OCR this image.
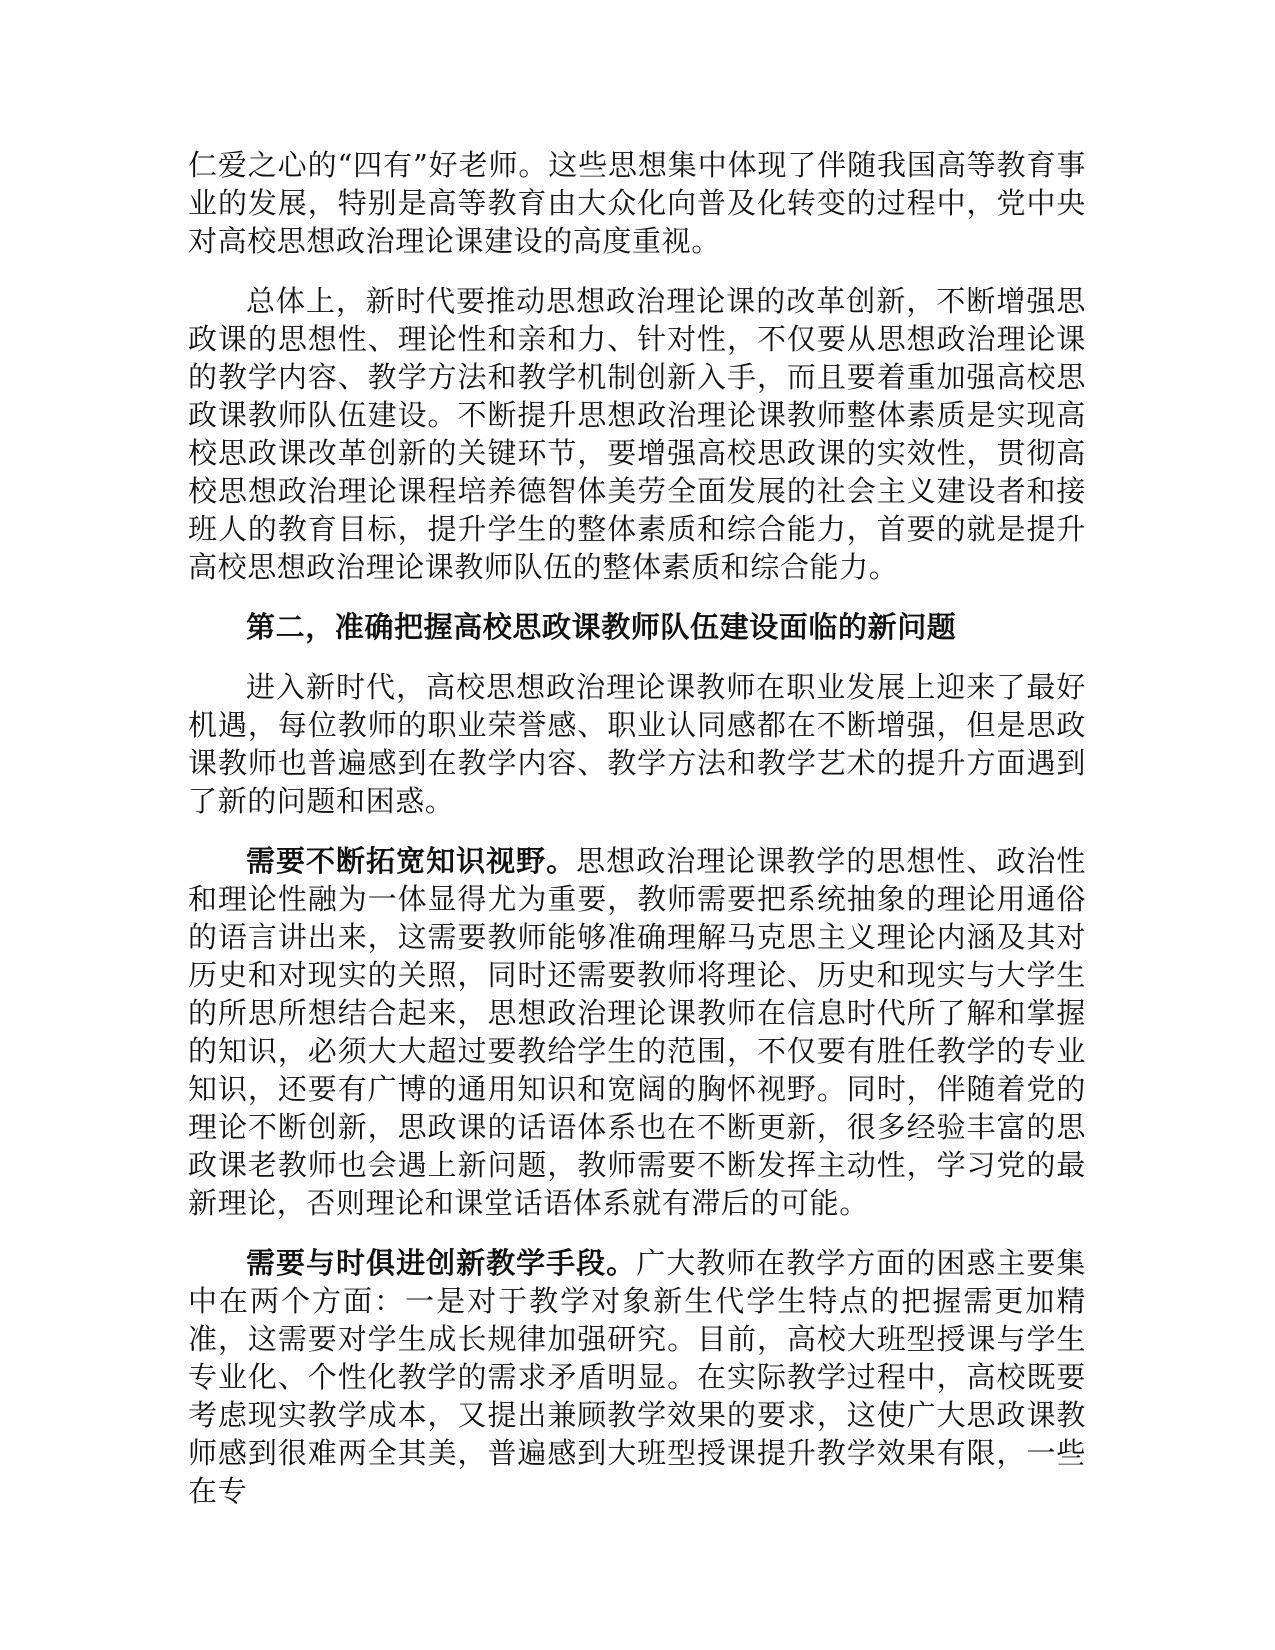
仁爱之心的“四有”好老师。这些思想集中体现了伴随我国高等教育事业的发展，特别是高等教育由大众化向普及化转变的过程中，党中央对高校思想政治理论课建设的高度重视。

总体上，新时代要推动思想政治理论课的改革创新，不断增强思政课的思想性、理论性和亲和力、针对性，不仅要从思想政治理论课的教学内容、教学方法和教学机制创新入手，而且要着重加强高校思政课教师队伍建设。不断提升思想政治理论课教师整体素质是实现高校思政课改革创新的关键环节，要增强高校思政课的实效性，贯彻高校思想政治理论课程培养德智体美劳全面发展的社会主义建设者和接班人的教育目标，提升学生的整体素质和综合能力，首要的就是提升高校思想政治理论课教师队伍的整体素质和综合能力。

第二，准确把握高校思政课教师队伍建设面临的新问题

进入新时代，高校思想政治理论课教师在职业发展上迎来了最好机遇，每位教师的职业荣誉感、职业认同感都在不断增强，但是思政课教师也普遍感到在教学内容、教学方法和教学艺术的提升方面遇到了新的问题和困惑。

需要不断拓宽知识视野。思想政治理论课教学的思想性、政治性和理论性融为一体显得尤为重要，教师需要把系统抽象的理论用通俗的语言讲出来，这需要教师能够准确理解马克思主义理论内涵及其对历史和对现实的关照，同时还需要教师将理论、历史和现实与大学生的所思所想结合起来，思想政治理论课教师在信息时代所了解和掌握的知识，必须大大超过要教给学生的范围，不仅要有胜任教学的专业知识，还要有广博的通用知识和宽阔的胸怀视野。同时，伴随着党的理论不断创新，思政课的话语体系也在不断更新，很多经验丰富的思政课老教师也会遇上新问题，教师需要不断发挥主动性，学习党的最新理论，否则理论和课堂话语体系就有滞后的可能。

需要与时俱进创新教学手段。广大教师在教学方面的困惑主要集中在两个方面：一是对于教学对象新生代学生特点的把握需更加精准，这需要对学生成长规律加强研究。目前，高校大班型授课与学生专业化、个性化教学的需求矛盾明显。在实际教学过程中，高校既要考虑现实教学成本，又提出兼顾教学效果的要求，这使广大思政课教师感到很难两全其美，普遍感到大班型授课提升教学效果有限，一些在专
